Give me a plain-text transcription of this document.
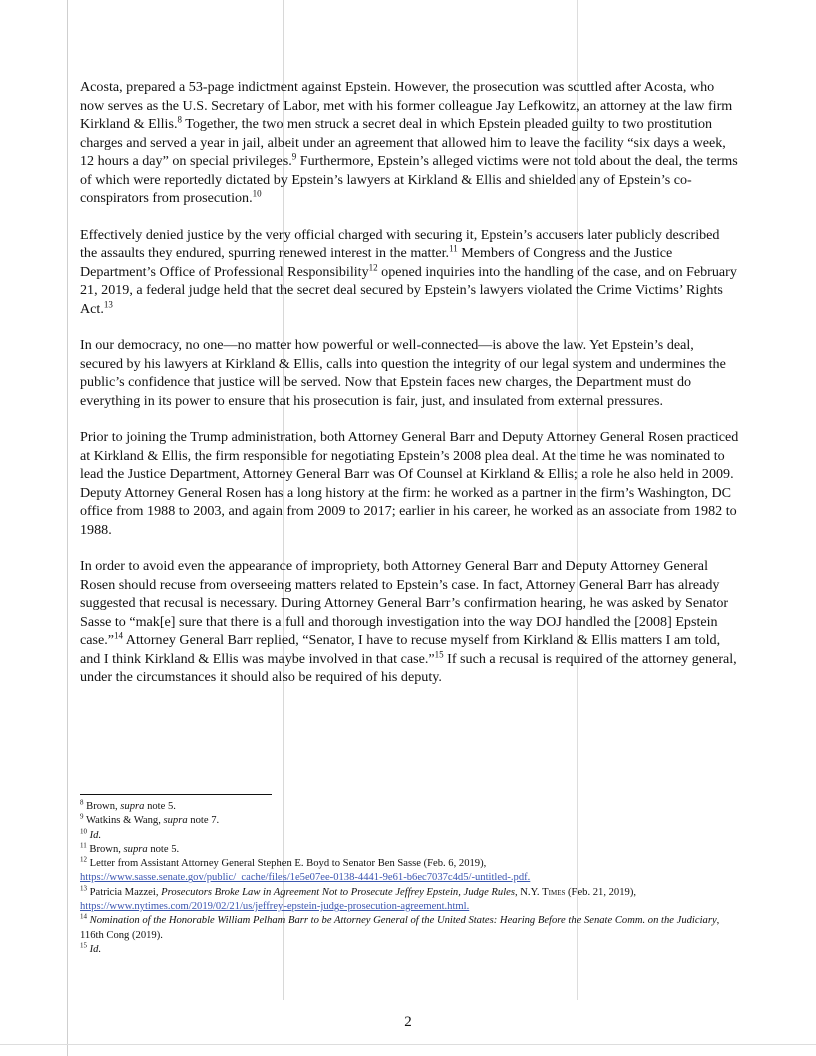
Acosta, prepared a 53-page indictment against Epstein. However, the prosecution was scuttled after Acosta, who now serves as the U.S. Secretary of Labor, met with his former colleague Jay Lefkowitz, an attorney at the law firm Kirkland & Ellis.$^8$ Together, the two men struck a secret deal in which Epstein pleaded guilty to two prostitution charges and served a year in jail, albeit under an agreement that allowed him to leave the facility “six days a week, 12 hours a day” on special privileges.$^9$ Furthermore, Epstein’s alleged victims were not told about the deal, the terms of which were reportedly dictated by Epstein’s lawyers at Kirkland & Ellis and shielded any of Epstein’s co-conspirators from prosecution.$^{10}$

Effectively denied justice by the very official charged with securing it, Epstein’s accusers later publicly described the assaults they endured, spurring renewed interest in the matter.$^{11}$ Members of Congress and the Justice Department’s Office of Professional Responsibility$^{12}$ opened inquiries into the handling of the case, and on February 21, 2019, a federal judge held that the secret deal secured by Epstein’s lawyers violated the Crime Victims’ Rights Act.$^{13}$

In our democracy, no one—no matter how powerful or well-connected—is above the law. Yet Epstein’s deal, secured by his lawyers at Kirkland & Ellis, calls into question the integrity of our legal system and undermines the public’s confidence that justice will be served. Now that Epstein faces new charges, the Department must do everything in its power to ensure that his prosecution is fair, just, and insulated from external pressures.

Prior to joining the Trump administration, both Attorney General Barr and Deputy Attorney General Rosen practiced at Kirkland & Ellis, the firm responsible for negotiating Epstein’s 2008 plea deal. At the time he was nominated to lead the Justice Department, Attorney General Barr was Of Counsel at Kirkland & Ellis; a role he also held in 2009. Deputy Attorney General Rosen has a long history at the firm: he worked as a partner in the firm’s Washington, DC office from 1988 to 2003, and again from 2009 to 2017; earlier in his career, he worked as an associate from 1982 to 1988.

In order to avoid even the appearance of impropriety, both Attorney General Barr and Deputy Attorney General Rosen should recuse from overseeing matters related to Epstein’s case. In fact, Attorney General Barr has already suggested that recusal is necessary. During Attorney General Barr’s confirmation hearing, he was asked by Senator Sasse to “mak[e] sure that there is a full and thorough investigation into the way DOJ handled the [2008] Epstein case.”$^{14}$ Attorney General Barr replied, “Senator, I have to recuse myself from Kirkland & Ellis matters I am told, and I think Kirkland & Ellis was maybe involved in that case.”$^{15}$ If such a recusal is required of the attorney general, under the circumstances it should also be required of his deputy.

$^8$ Brown, supra note 5.

$^9$ Watkins & Wang, supra note 7.

$^{10}$ Id.

$^{11}$ Brown, supra note 5.

$^{12}$ Letter from Assistant Attorney General Stephen E. Boyd to Senator Ben Sasse (Feb. 6, 2019),
https://www.sasse.senate.gov/public/_cache/files/1e5e07ee-0138-4441-9e61-b6ec7037c4d5/-untitled-.pdf.

$^{13}$ Patricia Mazzei, Prosecutors Broke Law in Agreement Not to Prosecute Jeffrey Epstein, Judge Rules, N.Y. Times (Feb. 21, 2019), https://www.nytimes.com/2019/02/21/us/jeffrey-epstein-judge-prosecution-agreement.html.

$^{14}$ Nomination of the Honorable William Pelham Barr to be Attorney General of the United States: Hearing Before the Senate Comm. on the Judiciary, 116th Cong (2019).

$^{15}$ Id.

2
